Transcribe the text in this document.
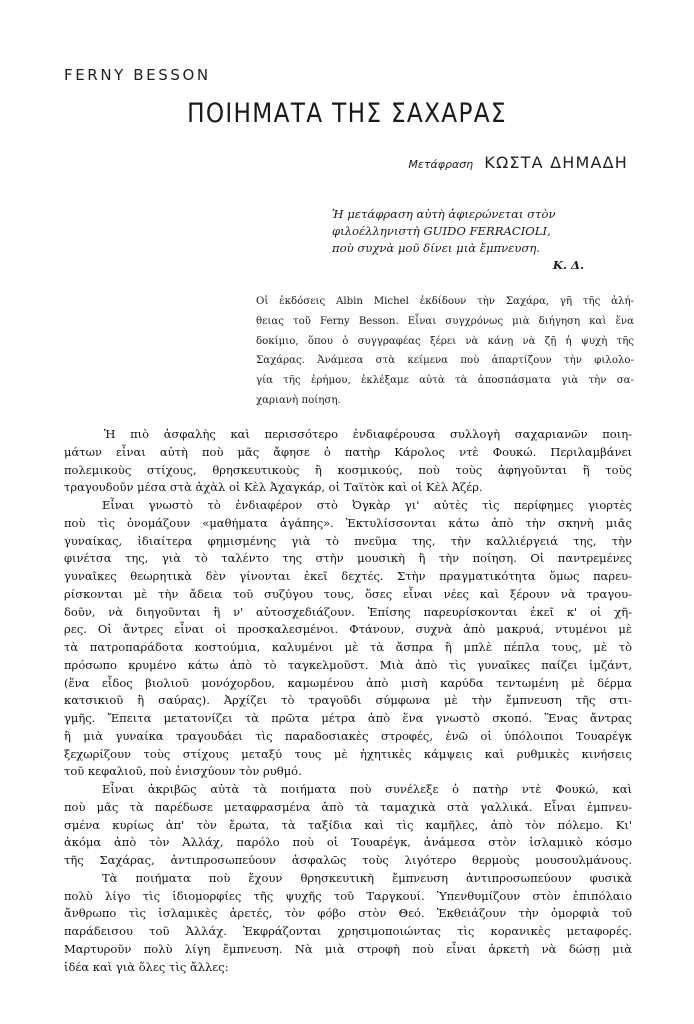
FERNY BESSON
ΠΟΙΗΜΑΤΑ ΤΗΣ ΣΑΧΑΡΑΣ
Μετάφραση ΚΩΣΤΑ ΔΗΜΑΔΗ
Ἡ μετάφραση αὐτὴ ἀφιερώνεται στὸν
φιλοέλληνιστὴ GUIDO FERRACIOLI,
ποὺ συχνὰ μοῦ δίνει μιὰ ἔμπνευση.
Κ. Δ.
Οἱ ἐκδόσεις Albin Michel ἐκδίδουν τὴν Σαχάρα, γῆ τῆς ἀλή-
θειας τοῦ Ferny Besson. Εἶναι συγχρόνως μιὰ διήγηση καὶ ἕνα
δοκίμιο, ὅπου ὁ συγγραφέας ξέρει νὰ κάνῃ νὰ ζῇ ἡ ψυχὴ τῆς
Σαχάρας. Ἀνάμεσα στὰ κείμενα ποὺ ἀπαρτίζουν τὴν φιλολο-
γία τῆς ἐρήμου, ἐκλέξαμε αὐτὰ τὰ ἀποσπάσματα γιὰ τὴν σα-
χαριανὴ ποίηση.
Ἡ πιὸ ἀσφαλὴς καὶ περισσότερο ἐνδιαφέρουσα συλλογὴ σαχαριανῶν ποιη-
μάτων εἶναι αὐτὴ ποὺ μᾶς ἄφησε ὁ πατὴρ Κάρολος ντὲ Φουκώ. Περιλαμβάνει
πολεμικοὺς στίχους, θρησκευτικοὺς ἢ κοσμικούς, ποὺ τοὺς ἀφηγοῦνται ἢ τοὺς
τραγουδοῦν μέσα στὰ ἀχὰλ οἱ Κὲλ Ἀχαγκάρ, οἱ Ταϊτὸκ καὶ οἱ Κὲλ Ἀζέρ.
Εἶναι γνωστὸ τὸ ἐνδιαφέρον στὸ Ὀγκὰρ γι' αὐτὲς τὶς περίφημες γιορτὲς
ποὺ τὶς ὀνομάζουν «μαθήματα ἀγάπης». Ἐκτυλίσσονται κάτω ἀπὸ τὴν σκηνὴ μιᾶς
γυναίκας, ἰδιαίτερα φημισμένης γιὰ τὸ πνεῦμα της, τὴν καλλιέργειά της, τὴν
φινέτσα της, γιὰ τὸ ταλέντο της στὴν μουσικὴ ἢ τὴν ποίηση. Οἱ παντρεμένες
γυναῖκες θεωρητικὰ δὲν γίνονται ἐκεῖ δεχτές. Στὴν πραγματικότητα ὅμως παρευ-
ρίσκονται μὲ τὴν ἄδεια τοῦ συζύγου τους, ὅσες εἶναι νέες καὶ ξέρουν νὰ τραγου-
δοῦν, νὰ διηγοῦνται ἢ ν' αὐτοσχεδιάζουν. Ἐπίσης παρευρίσκονται ἐκεῖ κ' οἱ χῆ-
ρες. Οἱ ἄντρες εἶναι οἱ προσκαλεσμένοι. Φτάνουν, συχνὰ ἀπὸ μακρυά, ντυμένοι μὲ
τὰ πατροπαράδοτα κοστούμια, καλυμένοι μὲ τὰ ἄσπρα ἢ μπλὲ πέπλα τους, μὲ τὸ
πρόσωπο κρυμένο κάτω ἀπὸ τὸ ταγκελμοῦστ. Μιὰ ἀπὸ τὶς γυναῖκες παίζει ἰμζάντ,
(ἕνα εἶδος βιολιοῦ μονόχορδου, καμωμένου ἀπὸ μισὴ καρύδα τεντωμένη μὲ δέρμα
κατσικιοῦ ἢ σαύρας). Ἀρχίζει τὸ τραγοῦδι σύμφωνα μὲ τὴν ἔμπνευση τῆς στι-
γμῆς. Ἔπειτα μετατονίζει τὰ πρῶτα μέτρα ἀπὸ ἕνα γνωστὸ σκοπό. Ἕνας ἄντρας
ἢ μιὰ γυναίκα τραγουδάει τὶς παραδοσιακὲς στροφές, ἐνῶ οἱ ὑπόλοιποι Τουαρέγκ
ξεχωρίζουν τοὺς στίχους μεταξύ τους μὲ ἠχητικὲς κάμψεις καὶ ρυθμικὲς κινήσεις
τοῦ κεφαλιοῦ, ποὺ ἐνισχύουν τὸν ρυθμό.
Εἶναι ἀκριβῶς αὐτὰ τὰ ποιήματα ποὺ συνέλεξε ὁ πατὴρ ντὲ Φουκώ, καὶ
ποὺ μᾶς τὰ παρέδωσε μεταφρασμένα ἀπὸ τὰ ταμαχικὰ στὰ γαλλικά. Εἶναι ἐμπνευ-
σμένα κυρίως ἀπ' τὸν ἔρωτα, τὰ ταξίδια καὶ τὶς καμῆλες, ἀπὸ τὸν πόλεμο. Κι'
ἀκόμα ἀπὸ τὸν Ἀλλάχ, παρόλο ποὺ οἱ Τουαρέγκ, ἀνάμεσα στὸν ἰσλαμικὸ κόσμο
τῆς Σαχάρας, ἀντιπροσωπεύουν ἀσφαλῶς τοὺς λιγότερο θερμοὺς μουσουλμάνους.
Τὰ ποιήματα ποὺ ἔχουν θρησκευτικὴ ἔμπνευση ἀντιπροσωπεύουν φυσικὰ
πολὺ λίγο τὶς ἰδιομορφίες τῆς ψυχῆς τοῦ Ταργκουί. Ὑπενθυμίζουν στὸν ἐπιπόλαιο
ἄνθρωπο τὶς ἰσλαμικὲς ἀρετές, τὸν φόβο στὸν Θεό. Ἐκθειάζουν τὴν ὀμορφιὰ τοῦ
παράδεισου τοῦ Ἀλλάχ. Ἐκφράζονται χρησιμοποιώντας τὶς κορανικὲς μεταφορές.
Μαρτυροῦν πολὺ λίγη ἔμπνευση. Νὰ μιὰ στροφὴ ποὺ εἶναι ἀρκετὴ νὰ δώσῃ μιὰ
ἰδέα καὶ γιὰ ὅλες τὶς ἄλλες:
